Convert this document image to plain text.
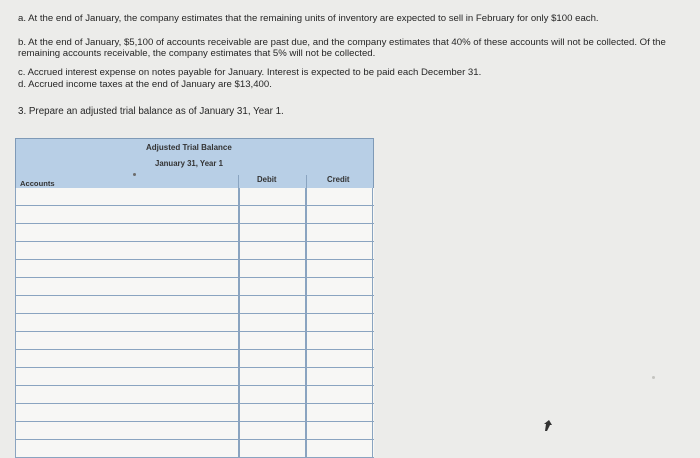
a. At the end of January, the company estimates that the remaining units of inventory are expected to sell in February for only $100 each.
b. At the end of January, $5,100 of accounts receivable are past due, and the company estimates that 40% of these accounts will not be collected. Of the remaining accounts receivable, the company estimates that 5% will not be collected.
c. Accrued interest expense on notes payable for January. Interest is expected to be paid each December 31.
d. Accrued income taxes at the end of January are $13,400.
3. Prepare an adjusted trial balance as of January 31, Year 1.
Adjusted Trial Balance
January 31, Year 1
Accounts	Debit	Credit
